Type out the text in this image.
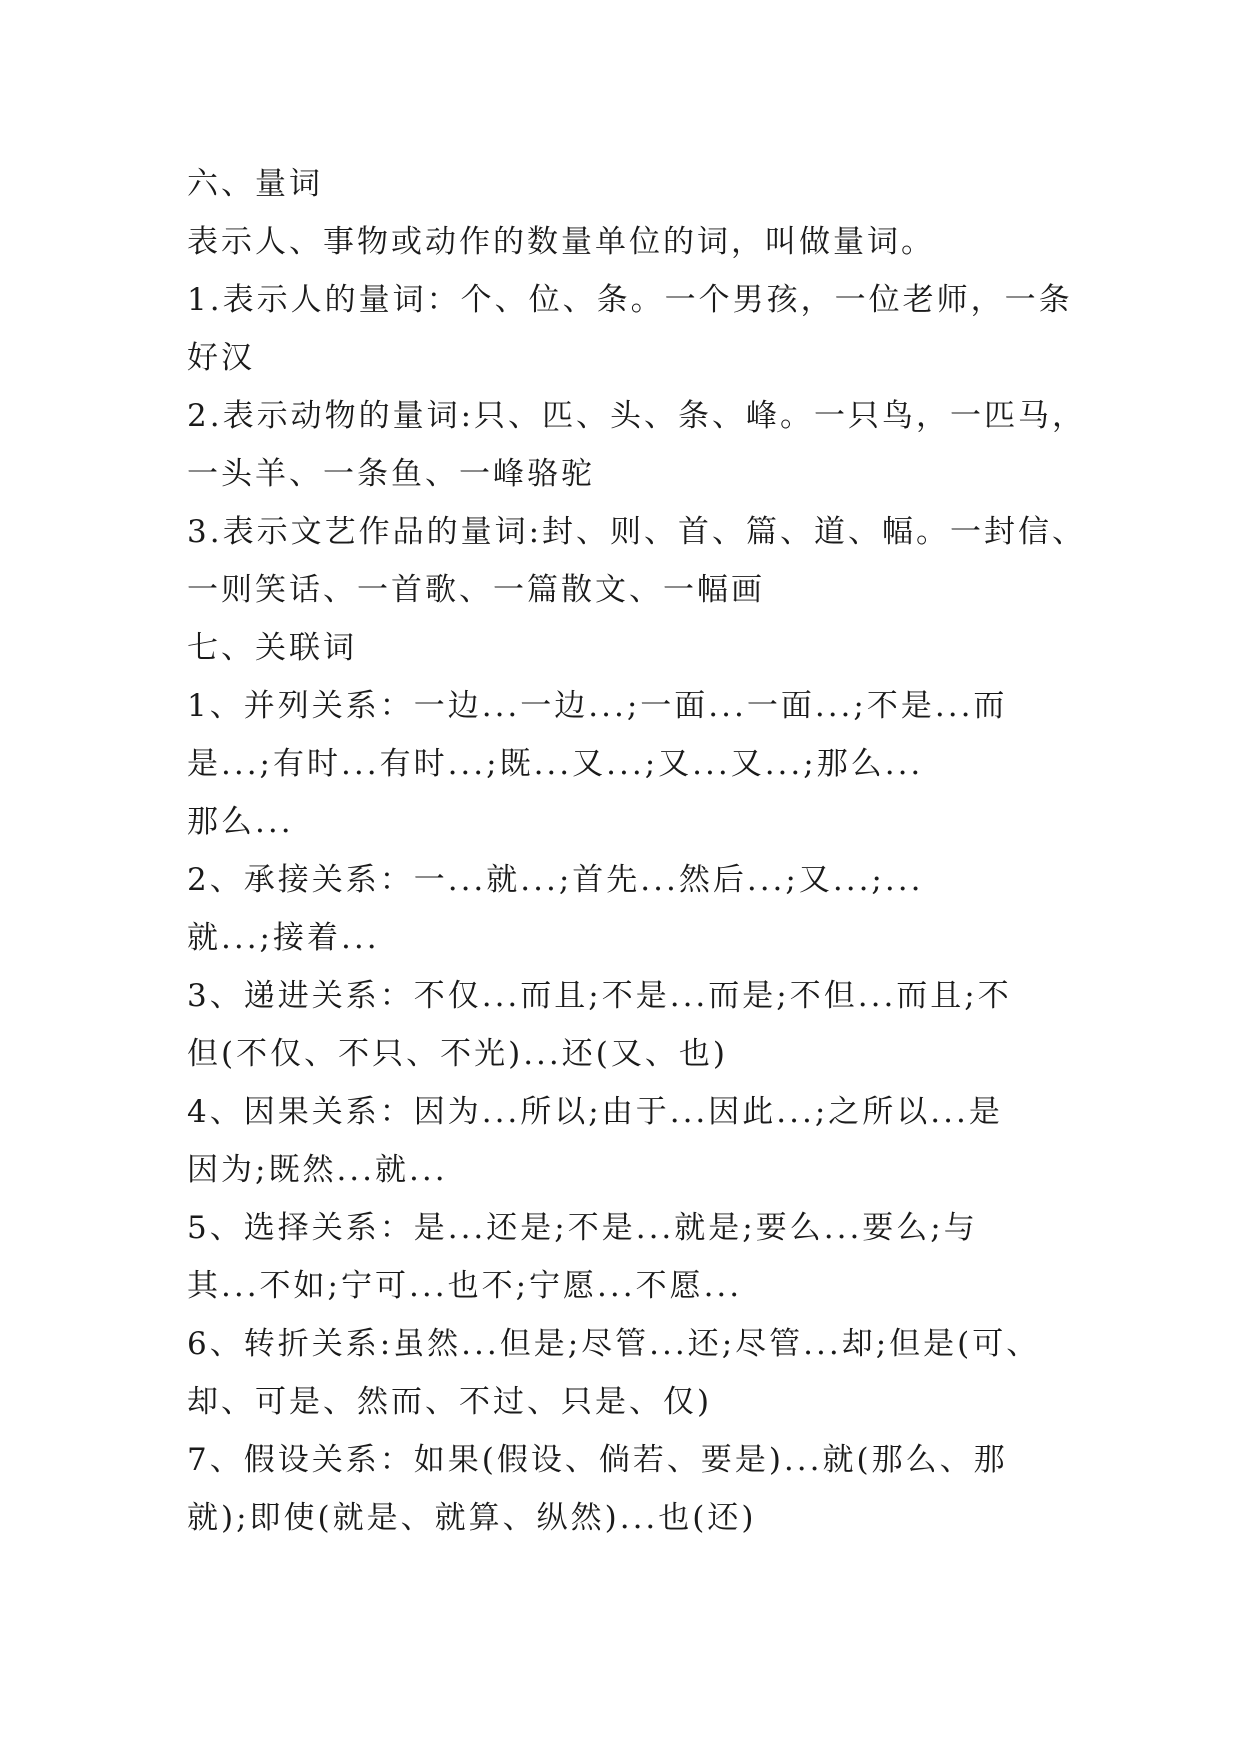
六、量词
表示人、事物或动作的数量单位的词，叫做量词。
1.表示人的量词：个、位、条。一个男孩，一位老师，一条
好汉
2.表示动物的量词:只、匹、头、条、峰。一只鸟，一匹马，
一头羊、一条鱼、一峰骆驼
3.表示文艺作品的量词:封、则、首、篇、道、幅。一封信、
一则笑话、一首歌、一篇散文、一幅画
七、关联词
1、并列关系：一边...一边...;一面...一面...;不是...而
是...;有时...有时...;既...又...;又...又...;那么...
那么...
2、承接关系：一...就...;首先...然后...;又...;...
就...;接着...
3、递进关系：不仅...而且;不是...而是;不但...而且;不
但(不仅、不只、不光)...还(又、也)
4、因果关系：因为...所以;由于...因此...;之所以...是
因为;既然...就...
5、选择关系：是...还是;不是...就是;要么...要么;与
其...不如;宁可...也不;宁愿...不愿...
6、转折关系:虽然...但是;尽管...还;尽管...却;但是(可、
却、可是、然而、不过、只是、仅)
7、假设关系：如果(假设、倘若、要是)...就(那么、那
就);即使(就是、就算、纵然)...也(还)
